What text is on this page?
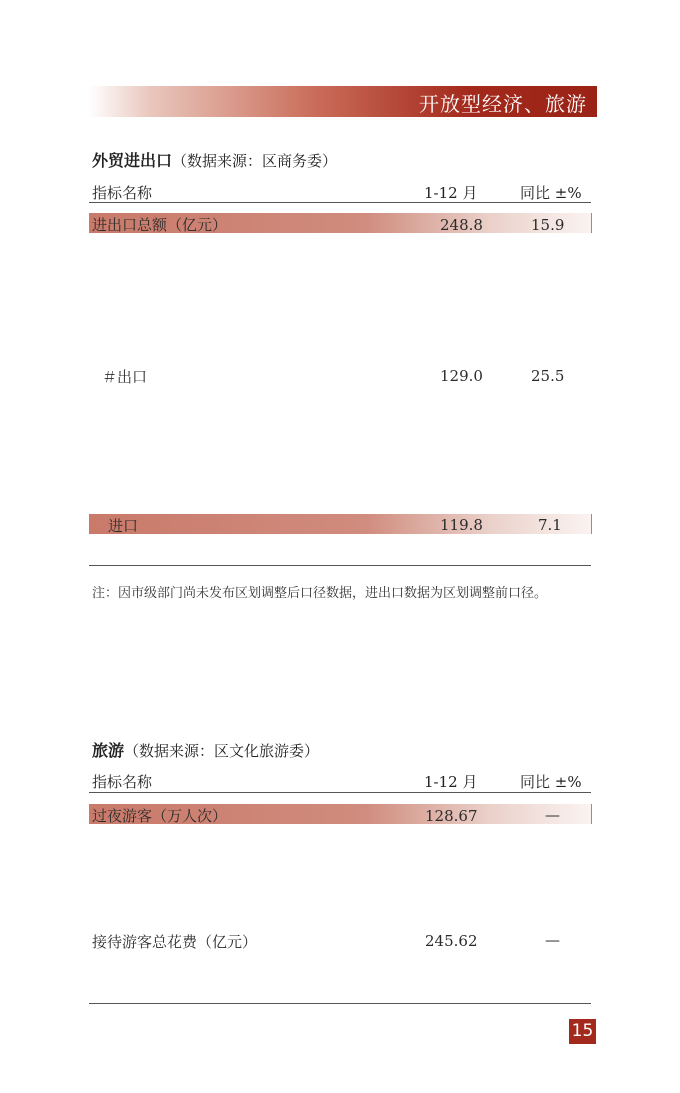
开放型经济、旅游
外贸进出口（数据来源：区商务委）
指标名称	1-12 月	同比 ±%
进出口总额（亿元）	248.8	15.9
＃出口	129.0	25.5
进口	119.8	7.1
注：因市级部门尚未发布区划调整后口径数据，进出口数据为区划调整前口径。
旅游（数据来源：区文化旅游委）
指标名称	1-12 月	同比 ±%
过夜游客（万人次）	128.67	—
接待游客总花费（亿元）	245.62	—
15
